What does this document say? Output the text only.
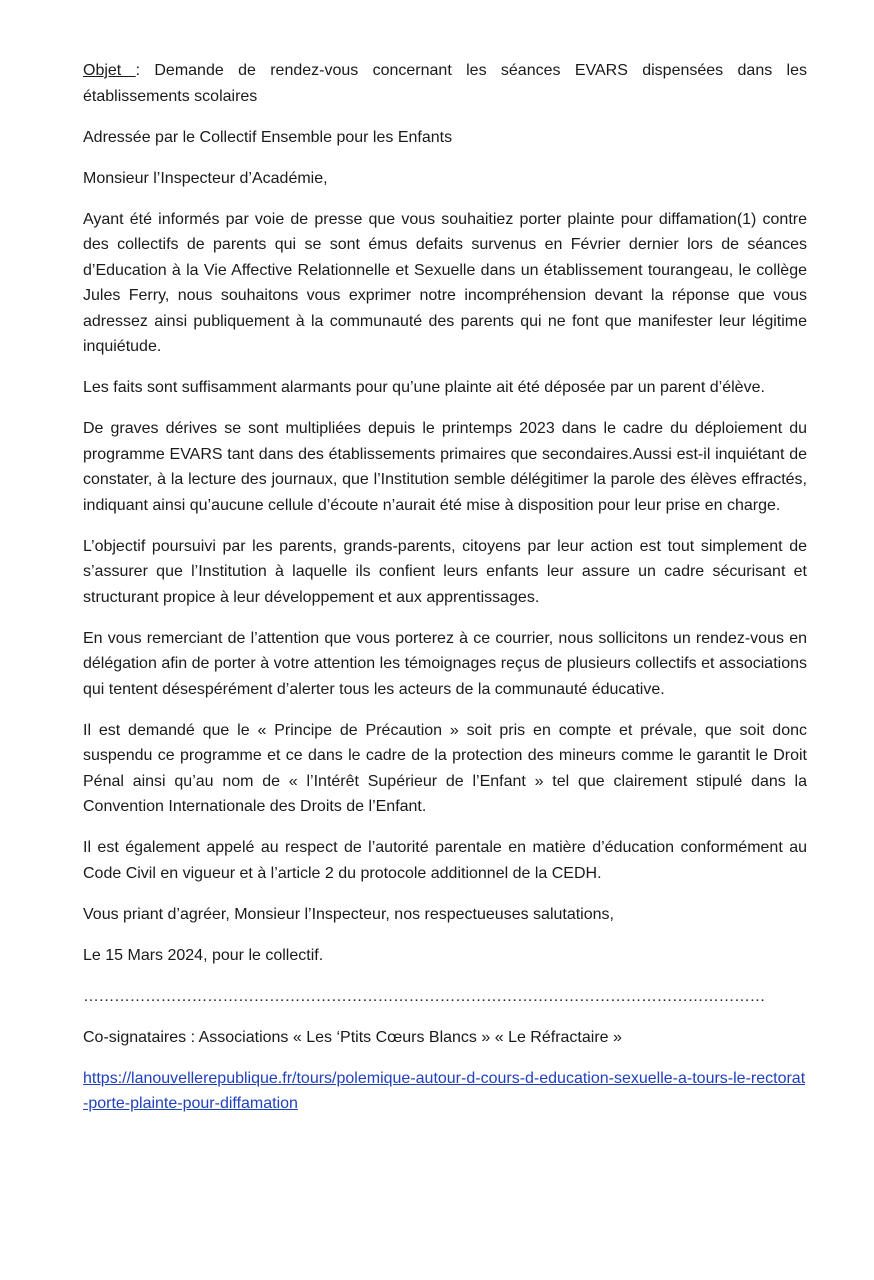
Objet : Demande de rendez-vous concernant les séances EVARS dispensées dans les établissements scolaires

Adressée par le Collectif Ensemble pour les Enfants

Monsieur l’Inspecteur d’Académie,

Ayant été informés par voie de presse que vous souhaitiez porter plainte pour diffamation(1) contre des collectifs de parents qui se sont émus defaits survenus en Février dernier lors de séances d’Education à la Vie Affective Relationnelle et Sexuelle dans un établissement tourangeau, le collège Jules Ferry, nous souhaitons vous exprimer notre incompréhension devant la réponse que vous adressez ainsi publiquement à la communauté des parents qui ne font que manifester leur légitime inquiétude.

Les faits sont suffisamment alarmants pour qu’une plainte ait été déposée par un parent d’élève.

De graves dérives se sont multipliées depuis le printemps 2023 dans le cadre du déploiement du programme EVARS tant dans des établissements primaires que secondaires.Aussi est-il inquiétant de constater, à la lecture des journaux, que l’Institution semble délégitimer la parole des élèves effractés, indiquant ainsi qu’aucune cellule d’écoute n’aurait été mise à disposition pour leur prise en charge.

L’objectif poursuivi par les parents, grands-parents, citoyens par leur action est tout simplement de s’assurer que l’Institution à laquelle ils confient leurs enfants leur assure un cadre sécurisant et structurant propice à leur développement et aux apprentissages.

En vous remerciant de l’attention que vous porterez à ce courrier, nous sollicitons un rendez-vous en délégation afin de porter à votre attention les témoignages reçus de plusieurs collectifs et associations qui tentent désespérément d’alerter tous les acteurs de la communauté éducative.

Il est demandé que le « Principe de Précaution » soit pris en compte et prévale, que soit donc suspendu ce programme et ce dans le cadre de la protection des mineurs comme le garantit le Droit Pénal ainsi qu’au nom de « l’Intérêt Supérieur de l’Enfant » tel que clairement stipulé dans la Convention Internationale des Droits de l’Enfant.

Il est également appelé au respect de l’autorité parentale en matière d’éducation conformément au Code Civil en vigueur et à l’article 2 du protocole additionnel de la CEDH.

Vous priant d’agréer, Monsieur l’Inspecteur, nos respectueuses salutations,

Le 15 Mars 2024, pour le collectif.

……………………………………………………………………………………………………………………

Co-signataires : Associations « Les ‘Ptits Cœurs Blancs » « Le Réfractaire »

https://lanouvellerepublique.fr/tours/polemique-autour-d-cours-d-education-sexuelle-a-tours-le-rectorat-porte-plainte-pour-diffamation
